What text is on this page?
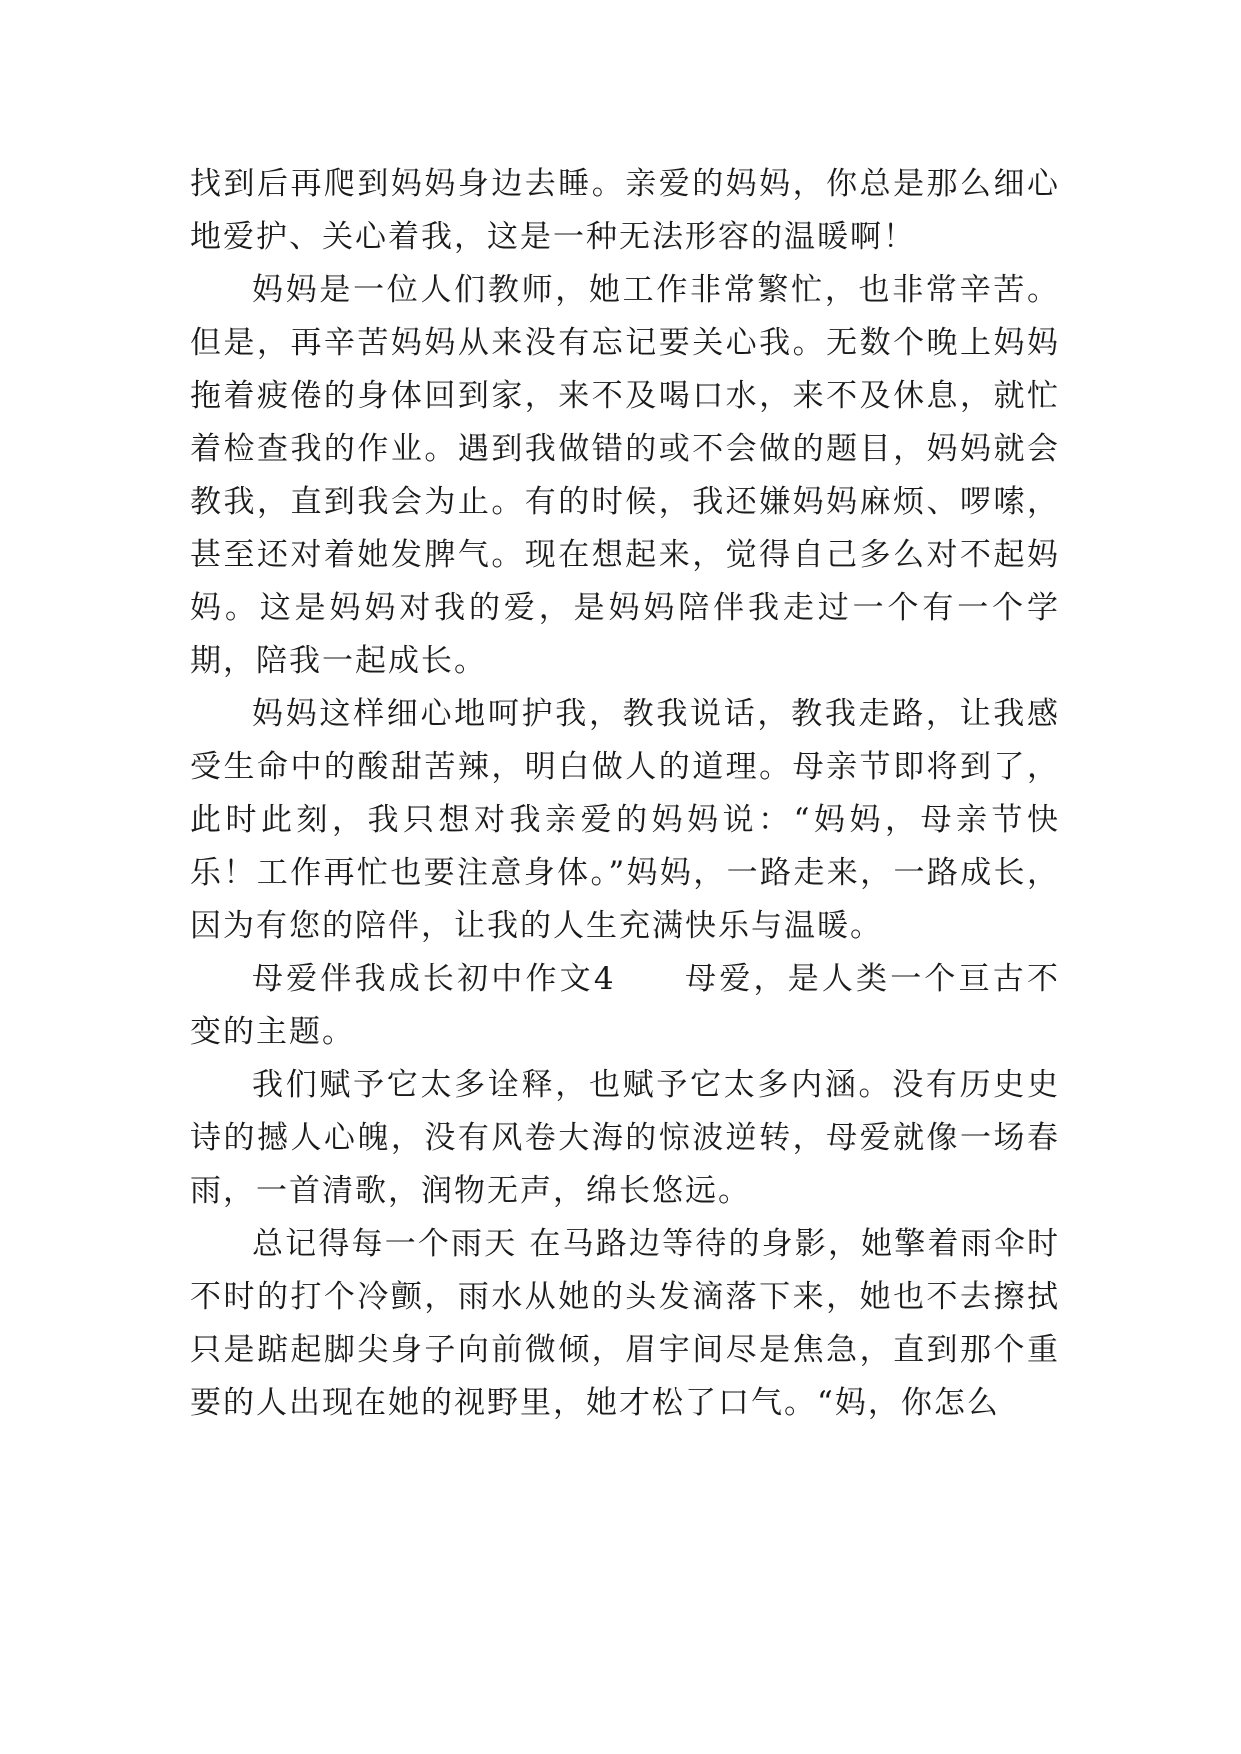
找到后再爬到妈妈身边去睡。亲爱的妈妈，你总是那么细心地爱护、关心着我，这是一种无法形容的温暖啊！

妈妈是一位人们教师，她工作非常繁忙，也非常辛苦。但是，再辛苦妈妈从来没有忘记要关心我。无数个晚上妈妈拖着疲倦的身体回到家，来不及喝口水，来不及休息，就忙着检查我的作业。遇到我做错的或不会做的题目，妈妈就会教我，直到我会为止。有的时候，我还嫌妈妈麻烦、啰嗦，甚至还对着她发脾气。现在想起来，觉得自己多么对不起妈妈。这是妈妈对我的爱，是妈妈陪伴我走过一个有一个学期，陪我一起成长。

妈妈这样细心地呵护我，教我说话，教我走路，让我感受生命中的酸甜苦辣，明白做人的道理。母亲节即将到了，此时此刻，我只想对我亲爱的妈妈说：“妈妈，母亲节快乐！工作再忙也要注意身体。”妈妈，一路走来，一路成长，因为有您的陪伴，让我的人生充满快乐与温暖。

母爱伴我成长初中作文4　　母爱，是人类一个亘古不变的主题。

我们赋予它太多诠释，也赋予它太多内涵。没有历史史诗的撼人心魄，没有风卷大海的惊波逆转，母爱就像一场春雨，一首清歌，润物无声，绵长悠远。

总记得每一个雨天 在马路边等待的身影，她擎着雨伞时不时的打个冷颤，雨水从她的头发滴落下来，她也不去擦拭只是踮起脚尖身子向前微倾，眉宇间尽是焦急，直到那个重要的人出现在她的视野里，她才松了口气。“妈，你怎么
